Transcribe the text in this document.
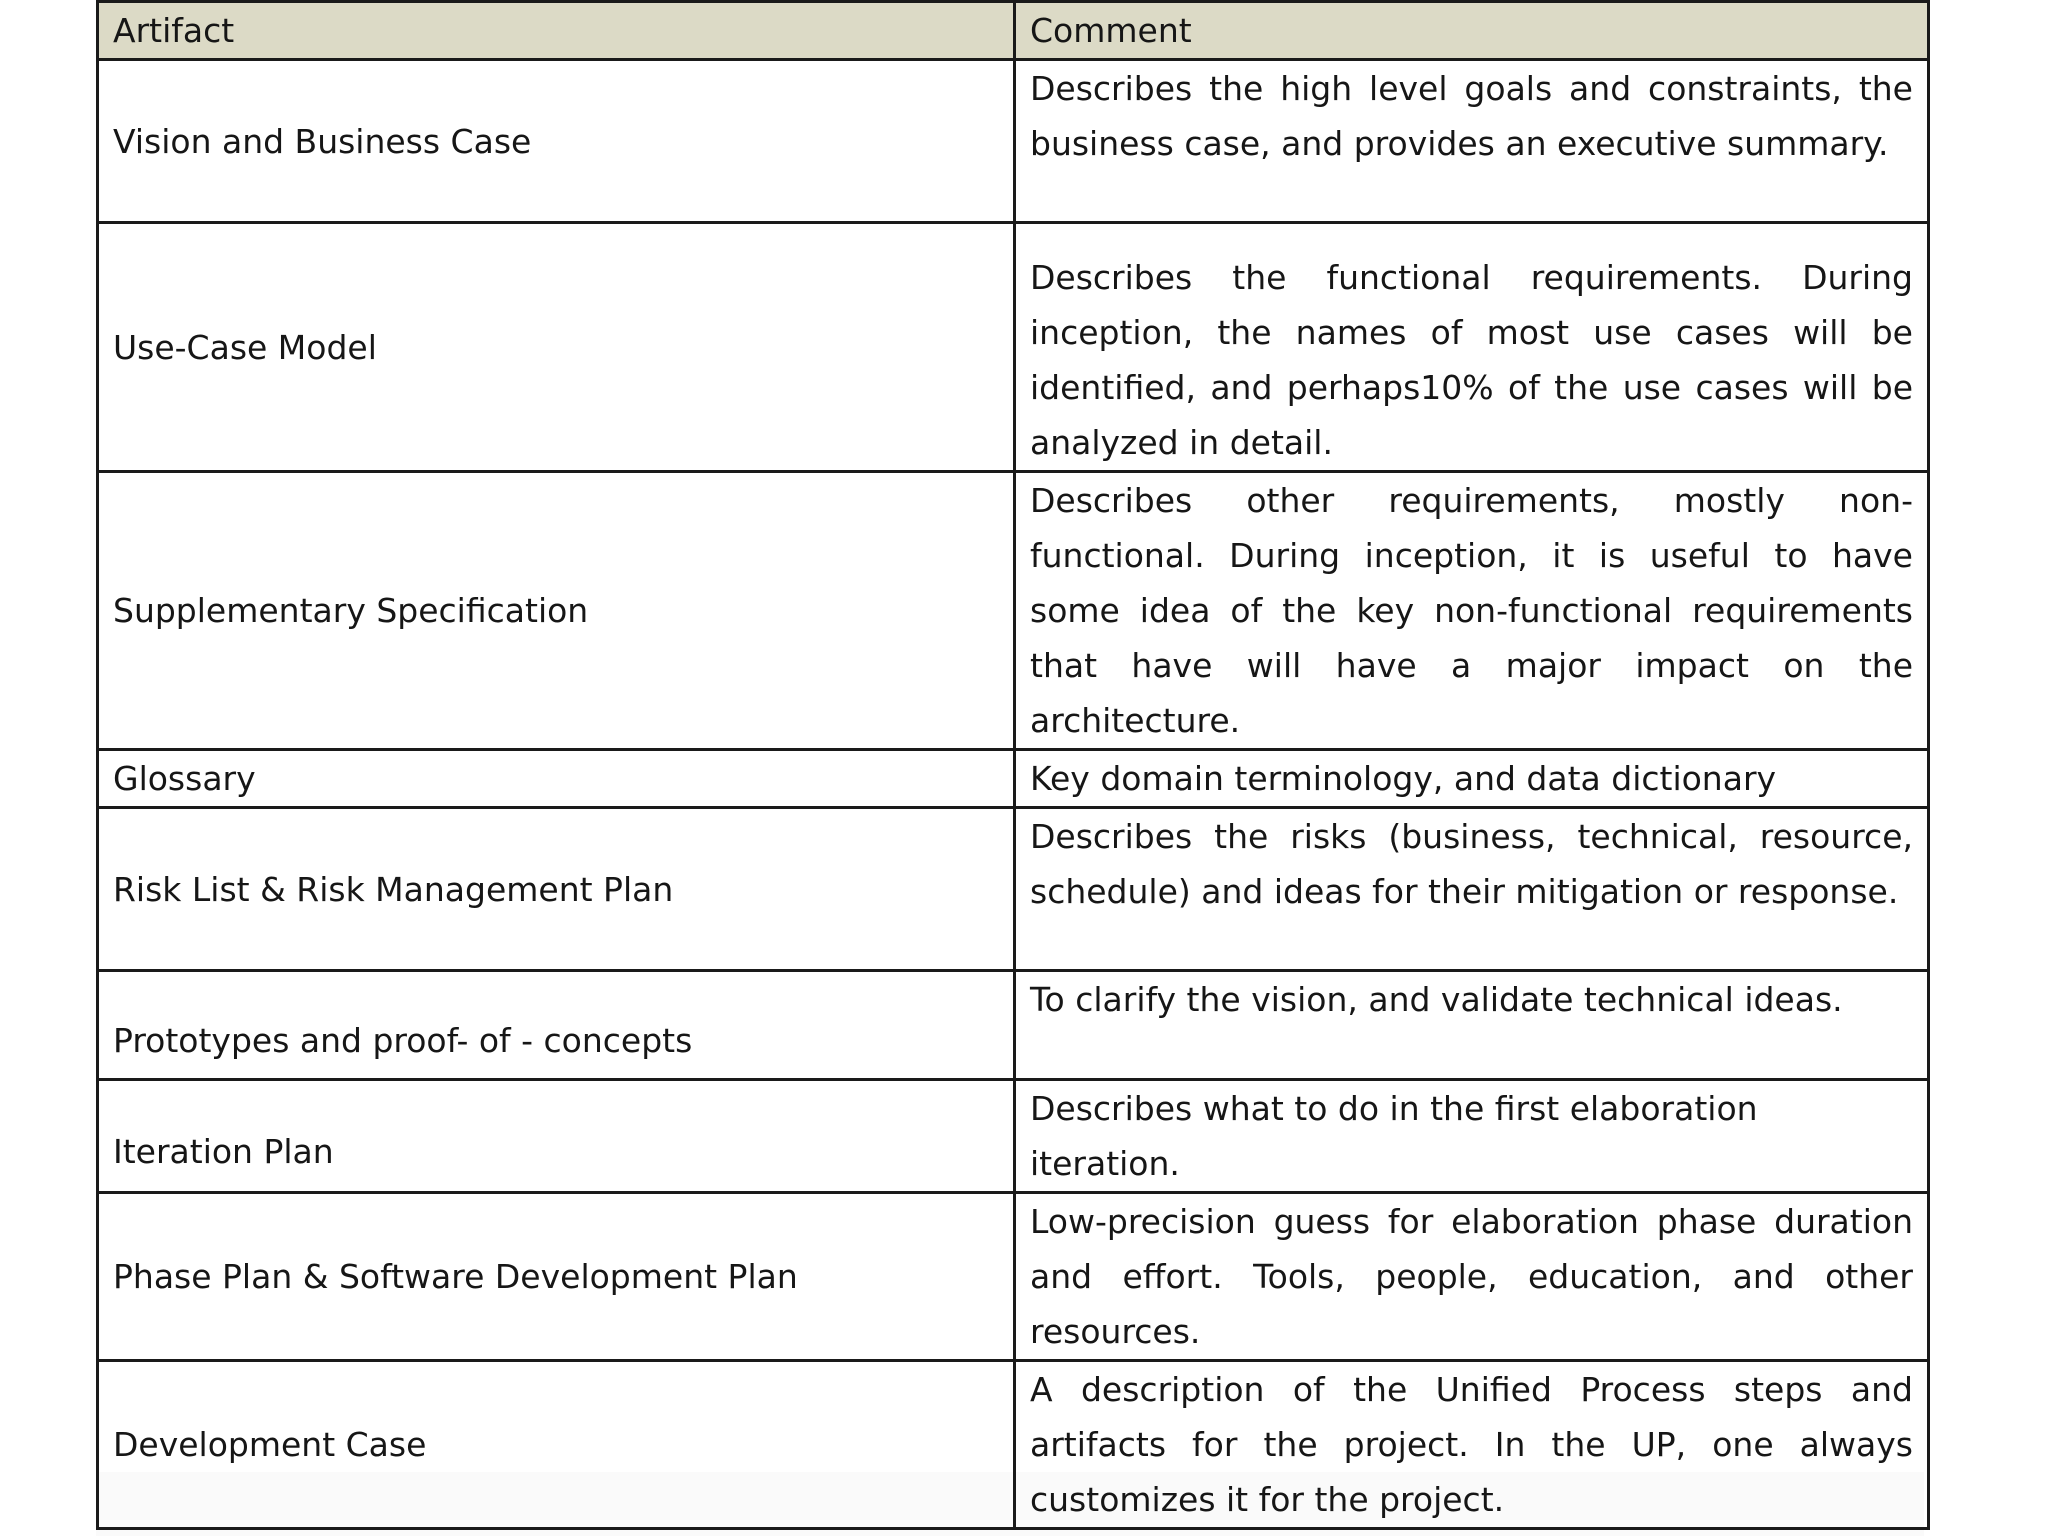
Artifact	Comment
Vision and Business Case	Describes the high level goals and constraints, the business case, and provides an executive summary.
Use-Case Model	Describes the functional requirements. During inception, the names of most use cases will be identified, and perhaps10% of the use cases will be analyzed in detail.
Supplementary Specification	Describes other requirements, mostly non-functional. During inception, it is useful to have some idea of the key non-functional requirements that have will have a major impact on the architecture.
Glossary	Key domain terminology, and data dictionary
Risk List & Risk Management Plan	Describes the risks (business, technical, resource, schedule) and ideas for their mitigation or response.
Prototypes and proof- of - concepts	To clarify the vision, and validate technical ideas.
Iteration Plan	Describes what to do in the first elaboration iteration.
Phase Plan & Software Development Plan	Low-precision guess for elaboration phase duration and effort. Tools, people, education, and other resources.
Development Case	A description of the Unified Process steps and artifacts for the project. In the UP, one always customizes it for the project.
